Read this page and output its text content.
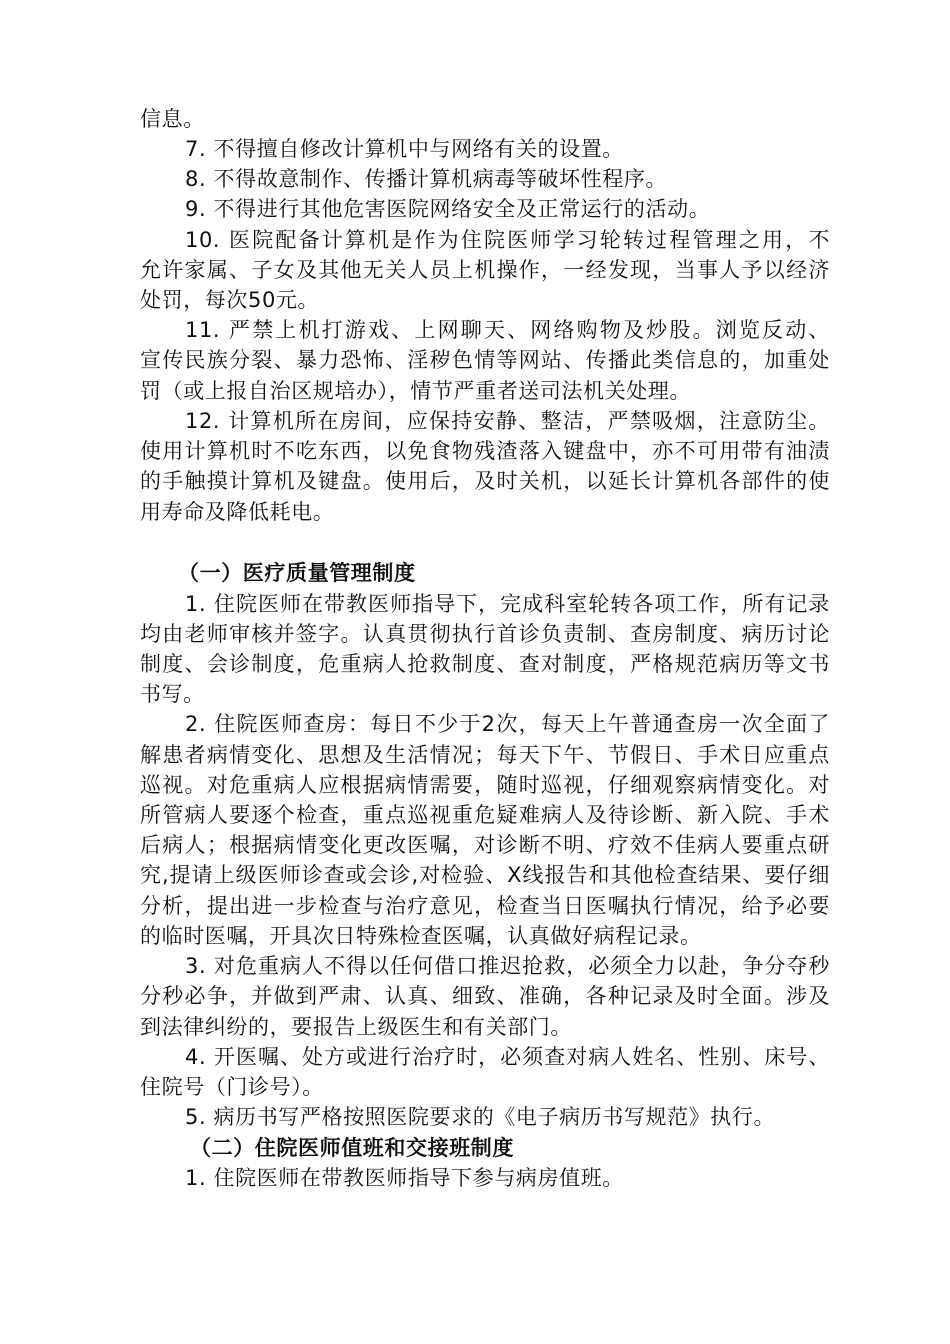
信息。
7. 不得擅自修改计算机中与网络有关的设置。
8. 不得故意制作、传播计算机病毒等破坏性程序。
9. 不得进行其他危害医院网络安全及正常运行的活动。
10. 医院配备计算机是作为住院医师学习轮转过程管理之用，不
允许家属、子女及其他无关人员上机操作，一经发现，当事人予以经济
处罚，每次50元。
11. 严禁上机打游戏、上网聊天、网络购物及炒股。浏览反动、
宣传民族分裂、暴力恐怖、淫秽色情等网站、传播此类信息的，加重处
罚（或上报自治区规培办），情节严重者送司法机关处理。
12. 计算机所在房间，应保持安静、整洁，严禁吸烟，注意防尘。
使用计算机时不吃东西，以免食物残渣落入键盘中，亦不可用带有油渍
的手触摸计算机及键盘。使用后，及时关机，以延长计算机各部件的使
用寿命及降低耗电。
（一）医疗质量管理制度
1. 住院医师在带教医师指导下，完成科室轮转各项工作，所有记录
均由老师审核并签字。认真贯彻执行首诊负责制、查房制度、病历讨论
制度、会诊制度，危重病人抢救制度、查对制度，严格规范病历等文书
书写。
2. 住院医师查房：每日不少于2次，每天上午普通查房一次全面了
解患者病情变化、思想及生活情况；每天下午、节假日、手术日应重点
巡视。对危重病人应根据病情需要，随时巡视，仔细观察病情变化。对
所管病人要逐个检查，重点巡视重危疑难病人及待诊断、新入院、手术
后病人；根据病情变化更改医嘱，对诊断不明、疗效不佳病人要重点研
究,提请上级医师诊查或会诊,对检验、X线报告和其他检查结果、要仔细
分析，提出进一步检查与治疗意见，检查当日医嘱执行情况，给予必要
的临时医嘱，开具次日特殊检查医嘱，认真做好病程记录。
3. 对危重病人不得以任何借口推迟抢救，必须全力以赴，争分夺秒
分秒必争，并做到严肃、认真、细致、准确，各种记录及时全面。涉及
到法律纠纷的，要报告上级医生和有关部门。
4. 开医嘱、处方或进行治疗时，必须查对病人姓名、性别、床号、
住院号（门诊号）。
5. 病历书写严格按照医院要求的《电子病历书写规范》执行。
（二）住院医师值班和交接班制度
1. 住院医师在带教医师指导下参与病房值班。
